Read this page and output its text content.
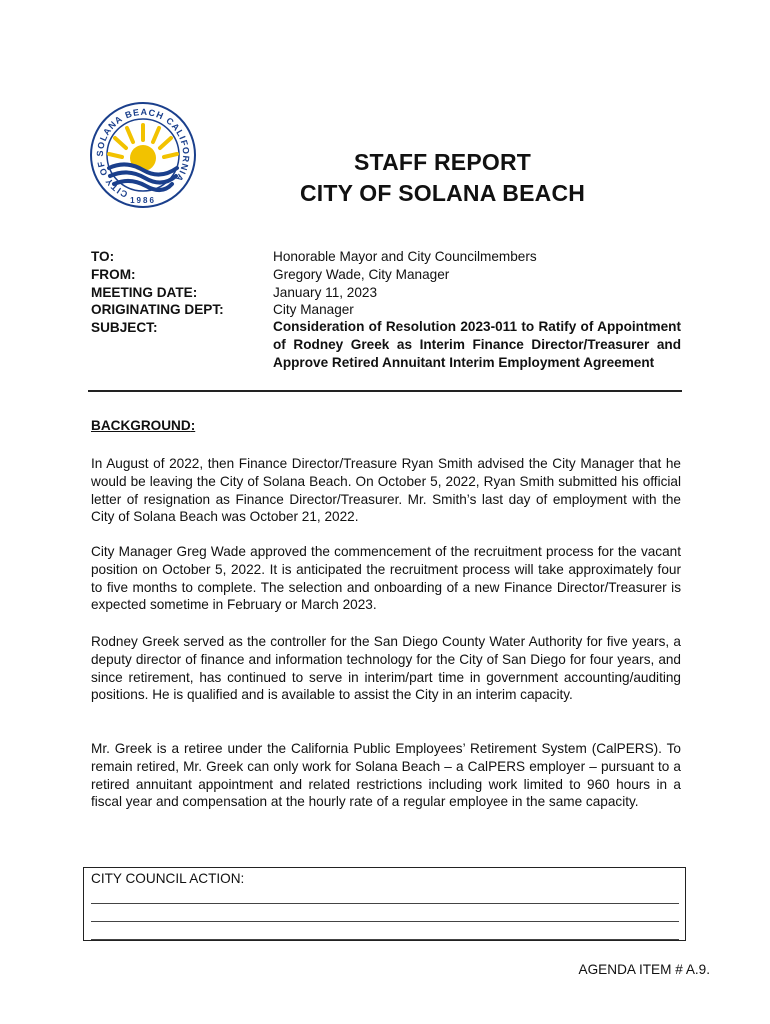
CITY OF SOLANA BEACH CALIFORNIA
1986
STAFF REPORT
CITY OF SOLANA BEACH
TO:	Honorable Mayor and City Councilmembers
FROM:	Gregory Wade, City Manager
MEETING DATE:	January 11, 2023
ORIGINATING DEPT:	City Manager
SUBJECT:	Consideration of Resolution 2023-011 to Ratify of Appointment of Rodney Greek as Interim Finance Director/Treasurer and Approve Retired Annuitant Interim Employment Agreement
BACKGROUND:
In August of 2022, then Finance Director/Treasure Ryan Smith advised the City Manager that he would be leaving the City of Solana Beach. On October 5, 2022, Ryan Smith submitted his official letter of resignation as Finance Director/Treasurer. Mr. Smith’s last day of employment with the City of Solana Beach was October 21, 2022.
City Manager Greg Wade approved the commencement of the recruitment process for the vacant position on October 5, 2022. It is anticipated the recruitment process will take approximately four to five months to complete. The selection and onboarding of a new Finance Director/Treasurer is expected sometime in February or March 2023.
Rodney Greek served as the controller for the San Diego County Water Authority for five years, a deputy director of finance and information technology for the City of San Diego for four years, and since retirement, has continued to serve in interim/part time in government accounting/auditing positions. He is qualified and is available to assist the City in an interim capacity.
Mr. Greek is a retiree under the California Public Employees’ Retirement System (CalPERS). To remain retired, Mr. Greek can only work for Solana Beach – a CalPERS employer – pursuant to a retired annuitant appointment and related restrictions including work limited to 960 hours in a fiscal year and compensation at the hourly rate of a regular employee in the same capacity.
CITY COUNCIL ACTION:
AGENDA ITEM # A.9.
